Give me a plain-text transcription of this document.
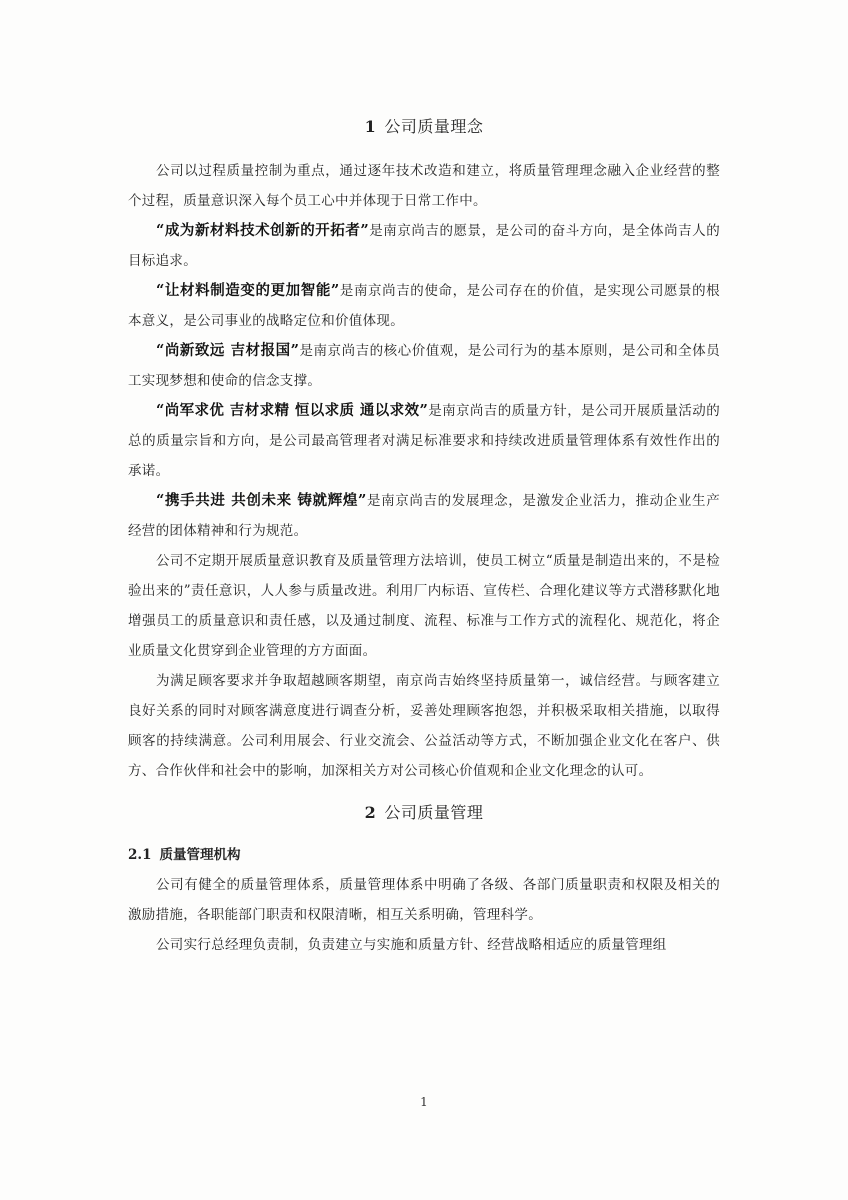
1 公司质量理念

公司以过程质量控制为重点，通过逐年技术改造和建立，将质量管理理念融入企业经营的整个过程，质量意识深入每个员工心中并体现于日常工作中。

“成为新材料技术创新的开拓者”是南京尚吉的愿景，是公司的奋斗方向，是全体尚吉人的目标追求。

“让材料制造变的更加智能”是南京尚吉的使命，是公司存在的价值，是实现公司愿景的根本意义，是公司事业的战略定位和价值体现。

“尚新致远 吉材报国”是南京尚吉的核心价值观，是公司行为的基本原则，是公司和全体员工实现梦想和使命的信念支撑。

“尚军求优 吉材求精 恒以求质 通以求效”是南京尚吉的质量方针，是公司开展质量活动的总的质量宗旨和方向，是公司最高管理者对满足标准要求和持续改进质量管理体系有效性作出的承诺。

“携手共进 共创未来 铸就辉煌”是南京尚吉的发展理念，是激发企业活力，推动企业生产经营的团体精神和行为规范。

公司不定期开展质量意识教育及质量管理方法培训，使员工树立“质量是制造出来的，不是检验出来的”责任意识，人人参与质量改进。利用厂内标语、宣传栏、合理化建议等方式潜移默化地增强员工的质量意识和责任感，以及通过制度、流程、标准与工作方式的流程化、规范化，将企业质量文化贯穿到企业管理的方方面面。

为满足顾客要求并争取超越顾客期望，南京尚吉始终坚持质量第一，诚信经营。与顾客建立良好关系的同时对顾客满意度进行调查分析，妥善处理顾客抱怨，并积极采取相关措施，以取得顾客的持续满意。公司利用展会、行业交流会、公益活动等方式，不断加强企业文化在客户、供方、合作伙伴和社会中的影响，加深相关方对公司核心价值观和企业文化理念的认可。

2 公司质量管理
2.1 质量管理机构

公司有健全的质量管理体系，质量管理体系中明确了各级、各部门质量职责和权限及相关的激励措施，各职能部门职责和权限清晰，相互关系明确，管理科学。

公司实行总经理负责制，负责建立与实施和质量方针、经营战略相适应的质量管理组

1
